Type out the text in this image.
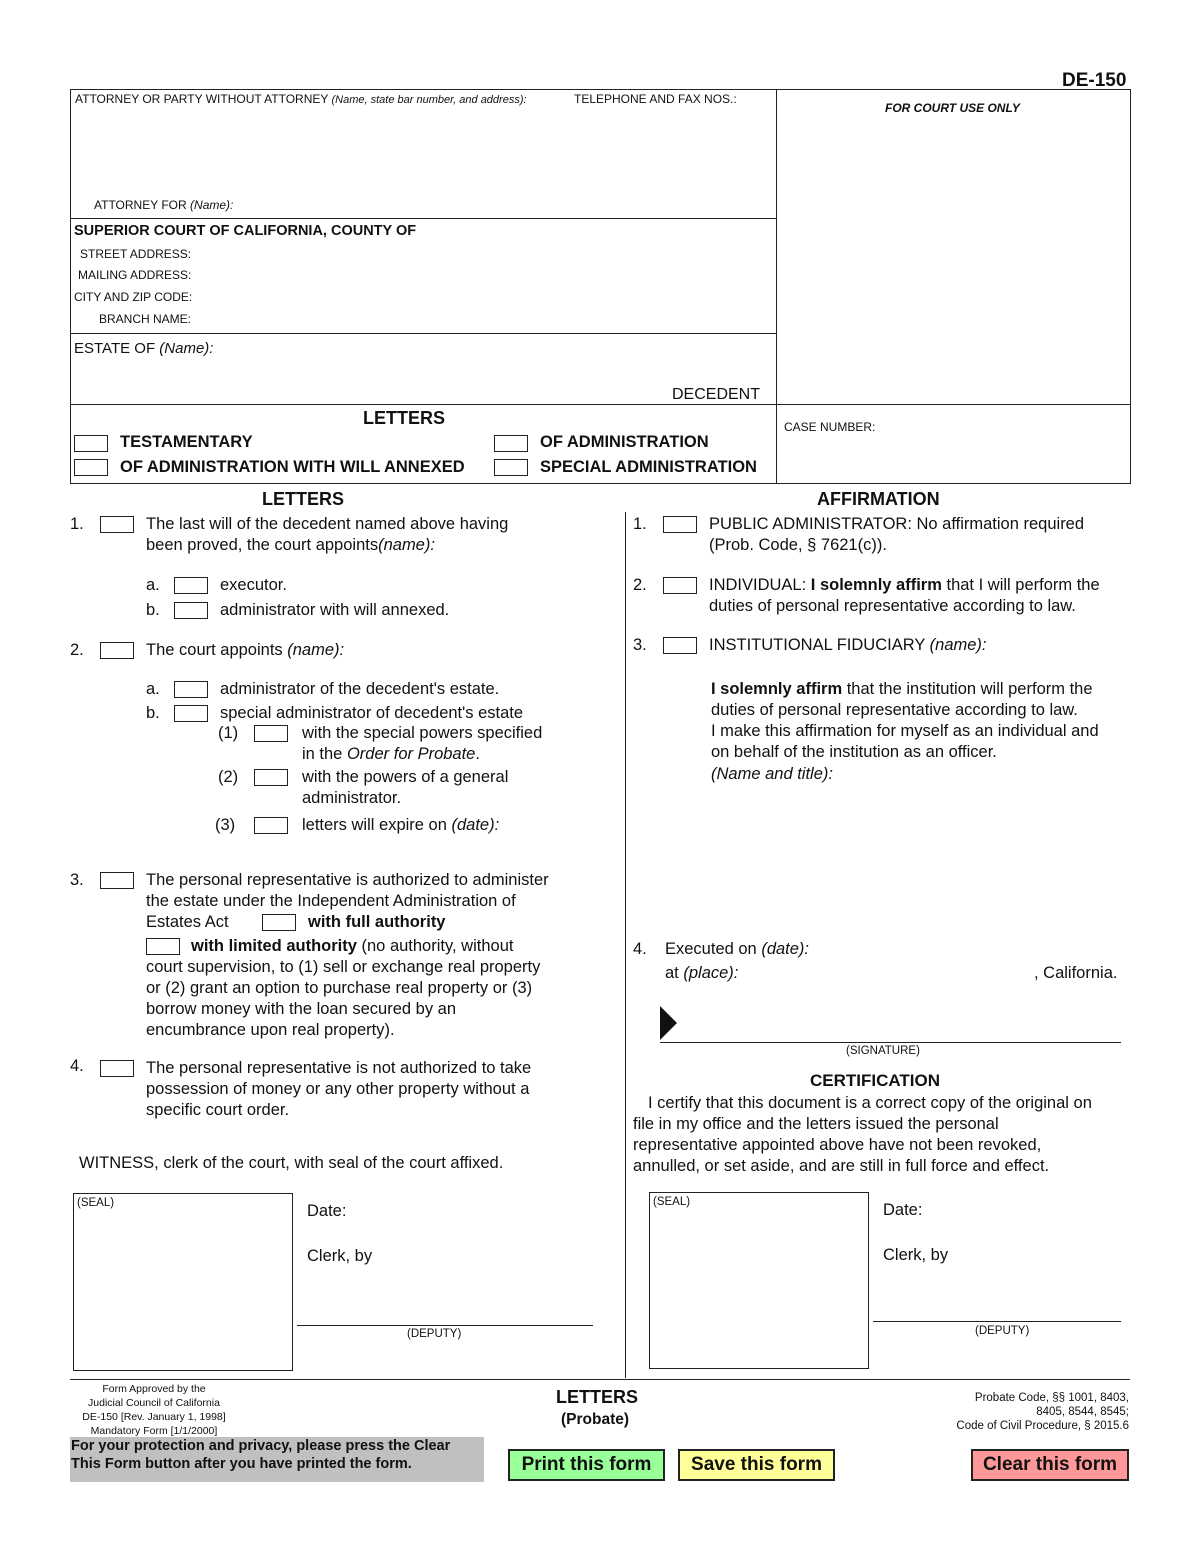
DE-150
ATTORNEY OR PARTY WITHOUT ATTORNEY (Name, state bar number, and address):	TELEPHONE AND FAX NOS.:
FOR COURT USE ONLY
ATTORNEY FOR (Name):
SUPERIOR COURT OF CALIFORNIA, COUNTY OF
STREET ADDRESS:
MAILING ADDRESS:
CITY AND ZIP CODE:
BRANCH NAME:
ESTATE OF (Name):
DECEDENT
LETTERS
TESTAMENTARY	OF ADMINISTRATION
OF ADMINISTRATION WITH WILL ANNEXED	SPECIAL ADMINISTRATION
CASE NUMBER:
LETTERS
1.	The last will of the decedent named above having
been proved, the court appoints(name):
a.	executor.
b.	administrator with will annexed.
2.	The court appoints (name):
a.	administrator of the decedent's estate.
b.	special administrator of decedent's estate
(1)	with the special powers specified
in the Order for Probate.
(2)	with the powers of a general
administrator.
(3)	letters will expire on (date):
3.	The personal representative is authorized to administer
the estate under the Independent Administration of
Estates Act	with full authority
with limited authority (no authority, without
court supervision, to (1) sell or exchange real property
or (2) grant an option to purchase real property or (3)
borrow money with the loan secured by an
encumbrance upon real property).
4.	The personal representative is not authorized to take
possession of money or any other property without a
specific court order.
WITNESS, clerk of the court, with seal of the court affixed.
(SEAL)	Date:
Clerk, by
(DEPUTY)
AFFIRMATION
1.	PUBLIC ADMINISTRATOR: No affirmation required
(Prob. Code, § 7621(c)).
2.	INDIVIDUAL: I solemnly affirm that I will perform the
duties of personal representative according to law.
3.	INSTITUTIONAL FIDUCIARY (name):
I solemnly affirm that the institution will perform the
duties of personal representative according to law.
I make this affirmation for myself as an individual and
on behalf of the institution as an officer.
(Name and title):
4. Executed on (date):
at (place):	, California.
(SIGNATURE)
CERTIFICATION
I certify that this document is a correct copy of the original on
file in my office and the letters issued the personal
representative appointed above have not been revoked,
annulled, or set aside, and are still in full force and effect.
(SEAL)	Date:
Clerk, by
(DEPUTY)
Form Approved by the
Judicial Council of California
DE-150 [Rev. January 1, 1998]
Mandatory Form [1/1/2000]
LETTERS
(Probate)
Probate Code, §§ 1001, 8403,
8405, 8544, 8545;
Code of Civil Procedure, § 2015.6
For your protection and privacy, please press the Clear
This Form button after you have printed the form.	Print this form	Save this form	Clear this form
